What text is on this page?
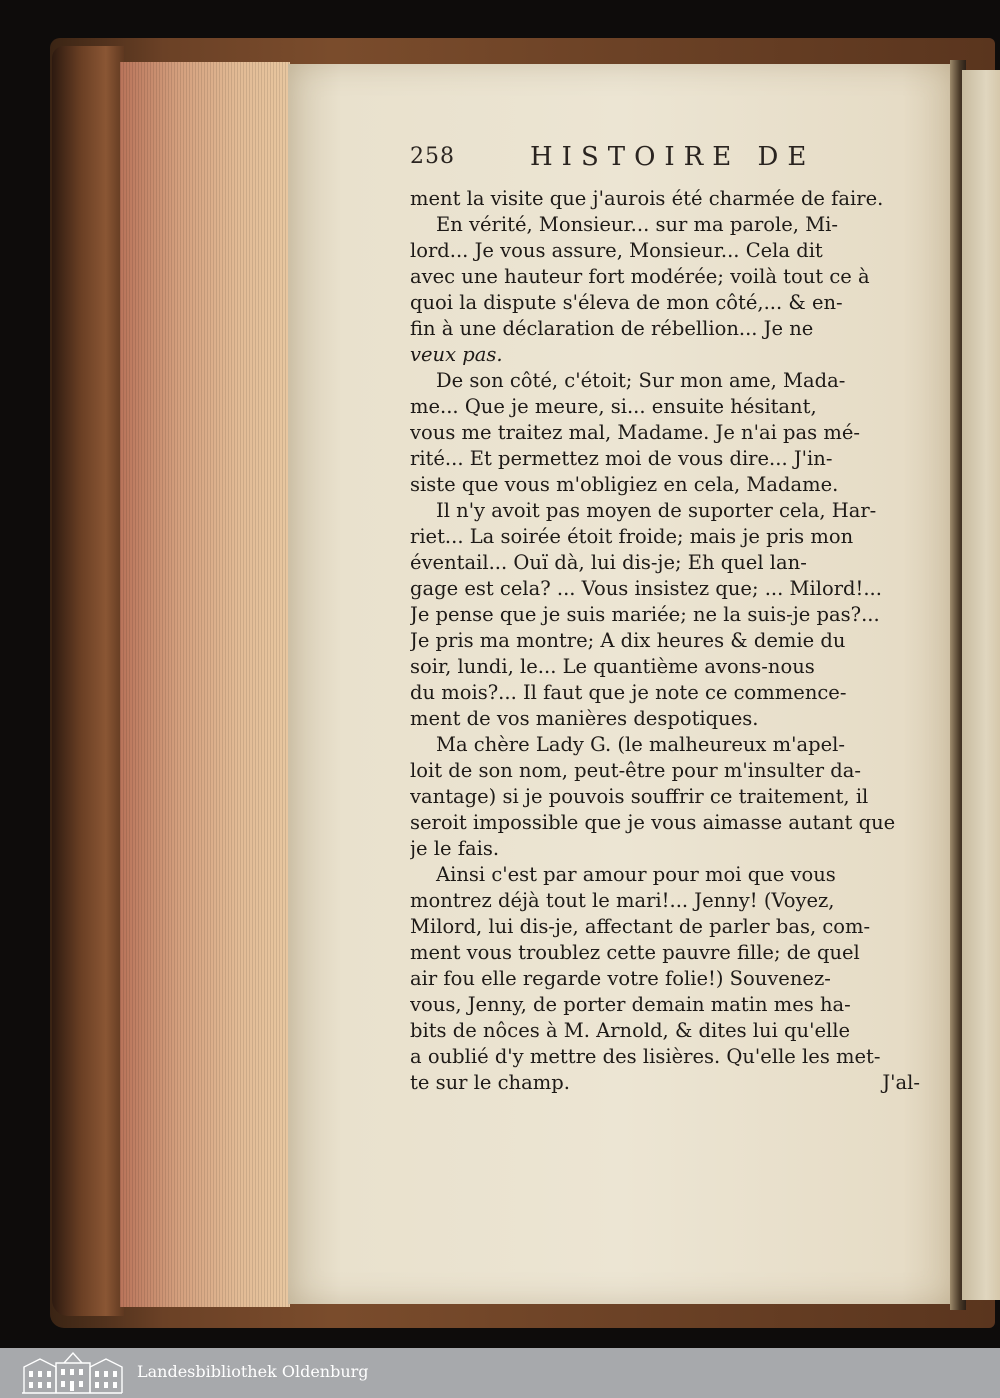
258	HISTOIRE DE
ment la visite que j'aurois été charmée de faire.
En vérité, Monsieur... sur ma parole, Mi-
lord... Je vous assure, Monsieur... Cela dit
avec une hauteur fort modérée; voilà tout ce à
quoi la dispute s'éleva de mon côté,... & en-
fin à une déclaration de rébellion... Je ne
veux pas.
De son côté, c'étoit; Sur mon ame, Mada-
me... Que je meure, si... ensuite hésitant,
vous me traitez mal, Madame. Je n'ai pas mé-
rité... Et permettez moi de vous dire... J'in-
siste que vous m'obligiez en cela, Madame.
Il n'y avoit pas moyen de suporter cela, Har-
riet... La soirée étoit froide; mais je pris mon
éventail... Ouï dà, lui dis-je; Eh quel lan-
gage est cela? ... Vous insistez que; ... Milord!...
Je pense que je suis mariée; ne la suis-je pas?...
Je pris ma montre; A dix heures & demie du
soir, lundi, le... Le quantième avons-nous
du mois?... Il faut que je note ce commence-
ment de vos manières despotiques.
Ma chère Lady G. (le malheureux m'apel-
loit de son nom, peut-être pour m'insulter da-
vantage) si je pouvois souffrir ce traitement, il
seroit impossible que je vous aimasse autant que
je le fais.
Ainsi c'est par amour pour moi que vous
montrez déjà tout le mari!... Jenny! (Voyez,
Milord, lui dis-je, affectant de parler bas, com-
ment vous troublez cette pauvre fille; de quel
air fou elle regarde votre folie!) Souvenez-
vous, Jenny, de porter demain matin mes ha-
bits de nôces à M. Arnold, & dites lui qu'elle
a oublié d'y mettre des lisières. Qu'elle les met-
te sur le champ.	J'al-
Landesbibliothek Oldenburg
